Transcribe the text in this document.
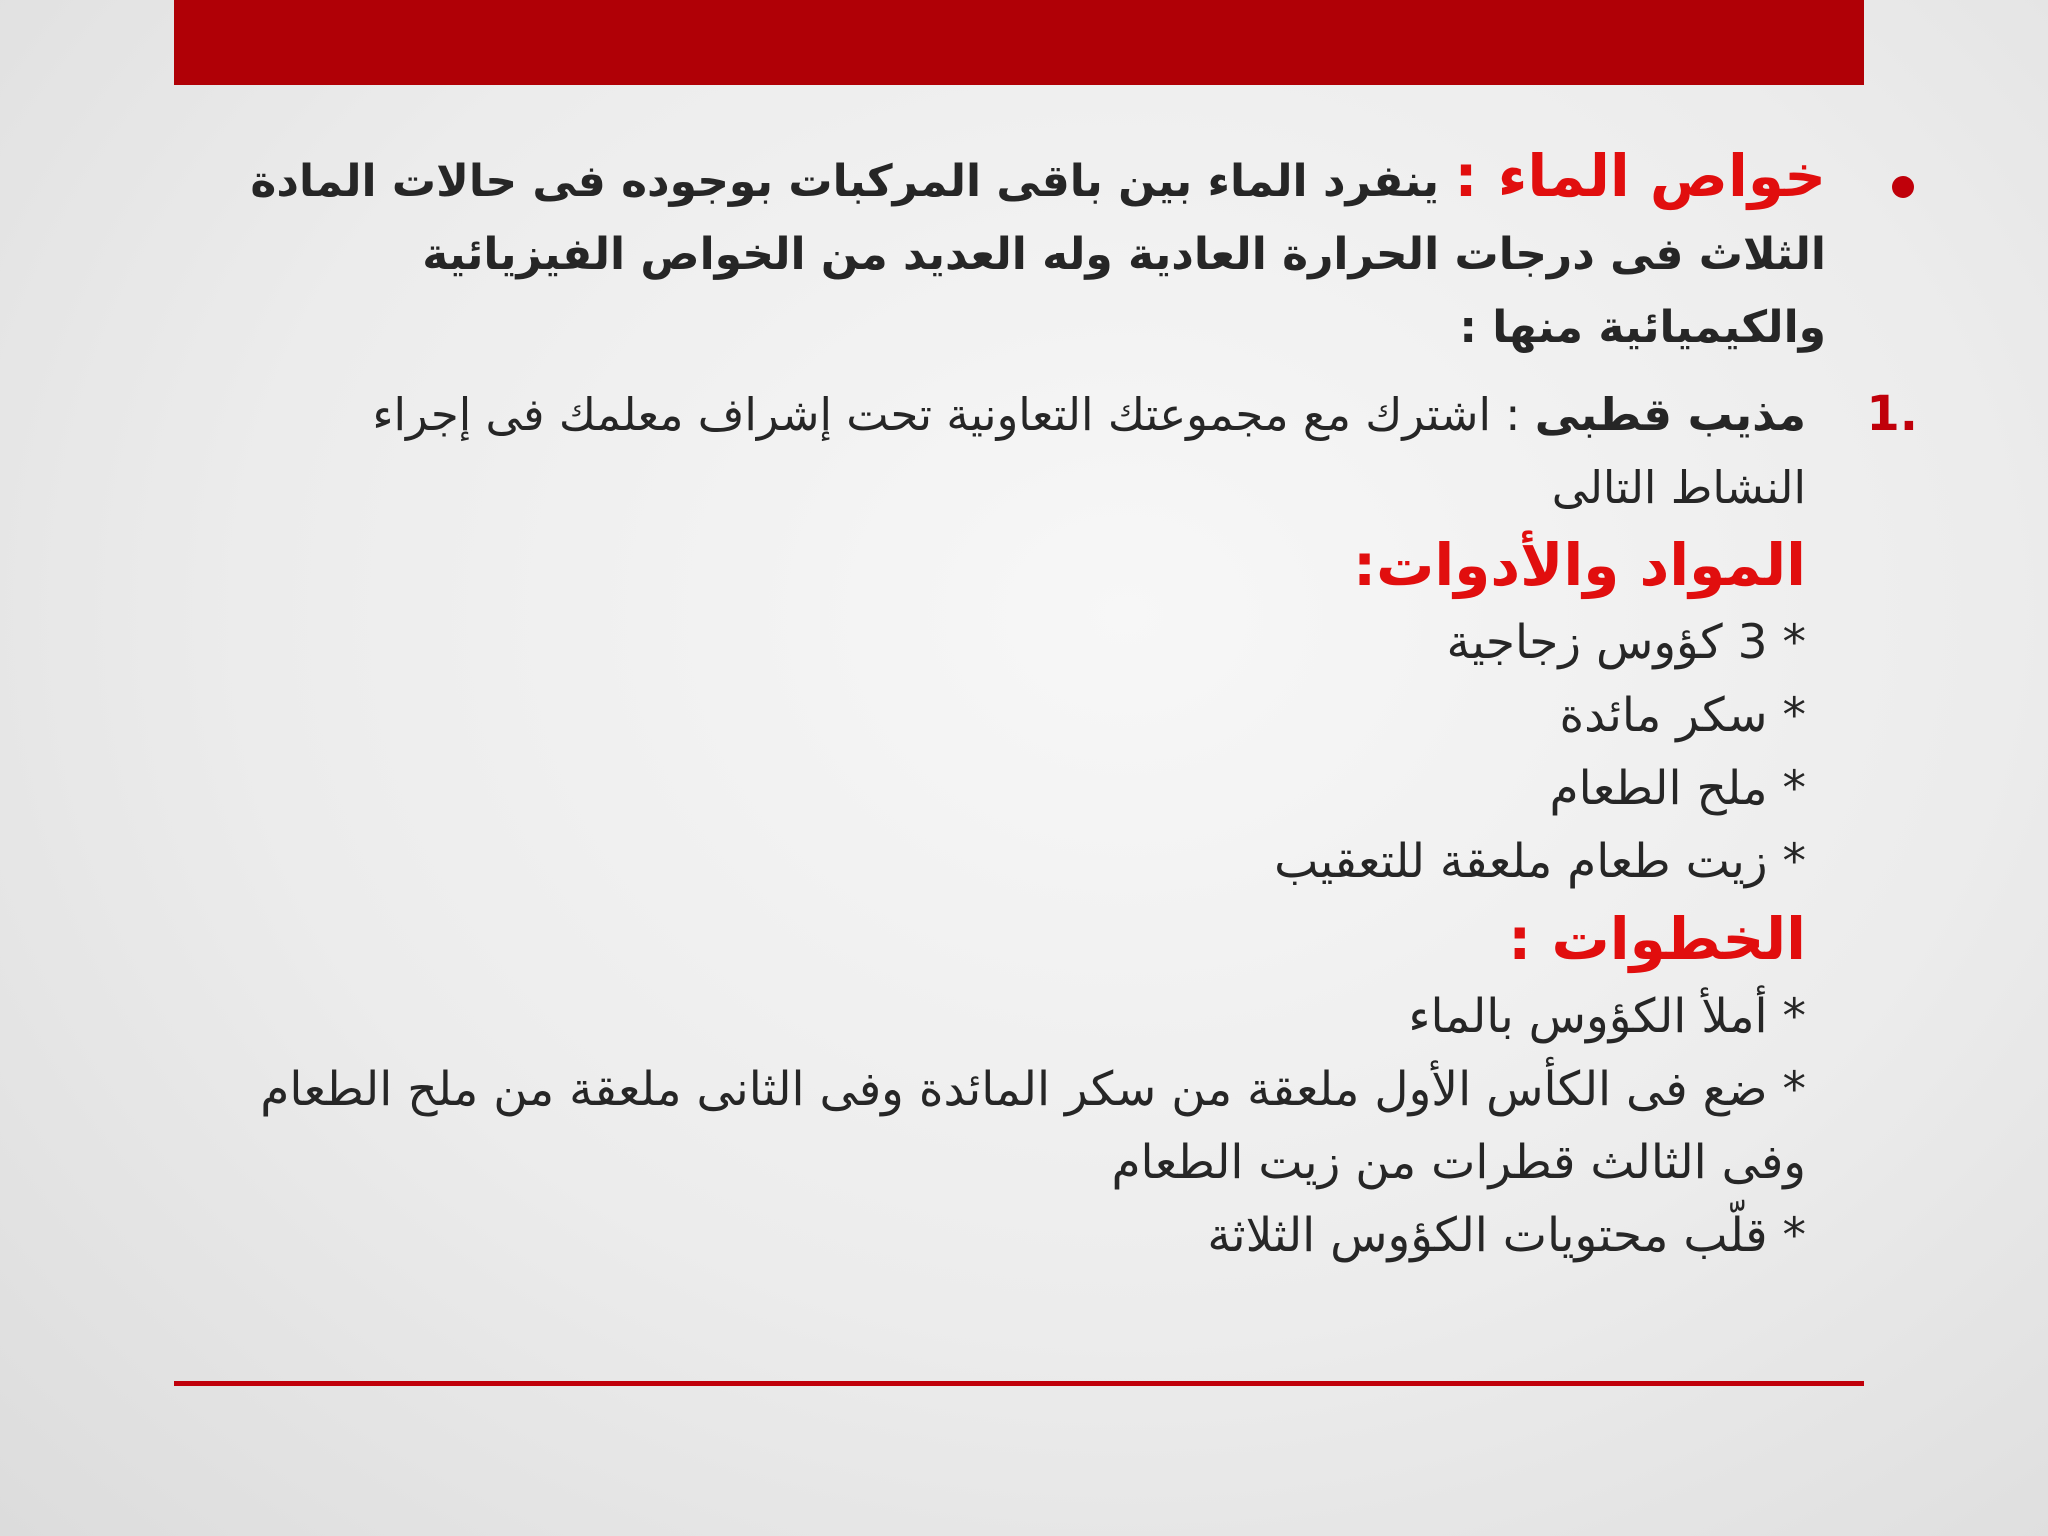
خواص الماء : ينفرد الماء بين باقى المركبات بوجوده فى حالات المادة الثلاث فى درجات الحرارة العادية وله العديد من الخواص الفيزيائية والكيميائية منها :

1.

مذيب قطبى : اشترك مع مجموعتك التعاونية تحت إشراف معلمك فى إجراء النشاط التالى

المواد والأدوات:

* 3 كؤوس زجاجية

* سكر مائدة

* ملح الطعام

* زيت طعام ملعقة للتعقيب

الخطوات :

* أملأ الكؤوس بالماء

* ضع فى الكأس الأول ملعقة من سكر المائدة وفى الثانى ملعقة من ملح الطعام وفى الثالث قطرات من زيت الطعام

* قلّب محتويات الكؤوس الثلاثة
